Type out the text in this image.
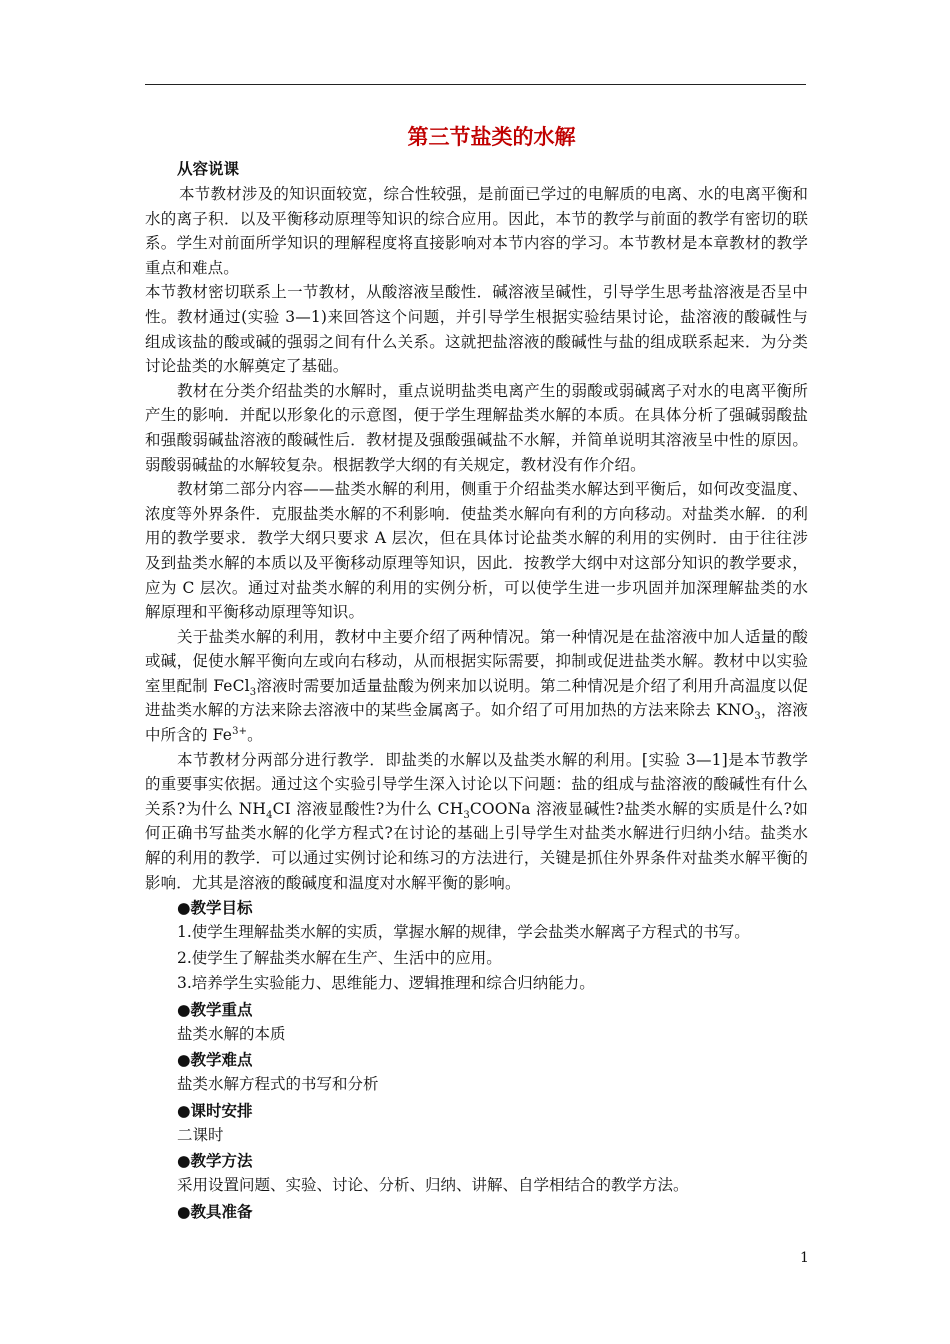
第三节盐类的水解
从容说课

本节教材涉及的知识面较宽，综合性较强，是前面已学过的电解质的电离、水的电离平衡和水的离子积．以及平衡移动原理等知识的综合应用。因此，本节的教学与前面的教学有密切的联系。学生对前面所学知识的理解程度将直接影响对本节内容的学习。本节教材是本章教材的教学重点和难点。

本节教材密切联系上一节教材，从酸溶液呈酸性．碱溶液呈碱性，引导学生思考盐溶液是否呈中性。教材通过(实验 3—1)来回答这个问题，并引导学生根据实验结果讨论，盐溶液的酸碱性与组成该盐的酸或碱的强弱之间有什么关系。这就把盐溶液的酸碱性与盐的组成联系起来．为分类讨论盐类的水解奠定了基础。

教材在分类介绍盐类的水解时，重点说明盐类电离产生的弱酸或弱碱离子对水的电离平衡所产生的影响．并配以形象化的示意图，便于学生理解盐类水解的本质。在具体分析了强碱弱酸盐和强酸弱碱盐溶液的酸碱性后．教材提及强酸强碱盐不水解，并简单说明其溶液呈中性的原因。弱酸弱碱盐的水解较复杂。根据教学大纲的有关规定，教材没有作介绍。

教材第二部分内容——盐类水解的利用，侧重于介绍盐类水解达到平衡后，如何改变温度、浓度等外界条件．克服盐类水解的不利影响．使盐类水解向有利的方向移动。对盐类水解．的利用的教学要求．教学大纲只要求 A 层次，但在具体讨论盐类水解的利用的实例时．由于往往涉及到盐类水解的本质以及平衡移动原理等知识，因此．按教学大纲中对这部分知识的教学要求，应为 C 层次。通过对盐类水解的利用的实例分析，可以使学生进一步巩固并加深理解盐类的水解原理和平衡移动原理等知识。

关于盐类水解的利用，教材中主要介绍了两种情况。第一种情况是在盐溶液中加人适量的酸或碱，促使水解平衡向左或向右移动，从而根据实际需要，抑制或促进盐类水解。教材中以实验室里配制 FeCl$_3$溶液时需要加适量盐酸为例来加以说明。第二种情况是介绍了利用升高温度以促进盐类水解的方法来除去溶液中的某些金属离子。如介绍了可用加热的方法来除去 $KNO_3$，溶液中所含的 $Fe^{3+}$。

本节教材分两部分进行教学．即盐类的水解以及盐类水解的利用。[实验 3—1]是本节教学的重要事实依据。通过这个实验引导学生深入讨论以下问题：盐的组成与盐溶液的酸碱性有什么关系?为什么 $NH_4CI$ 溶液显酸性?为什么 $CH_3COONa$ 溶液显碱性?盐类水解的实质是什么?如何正确书写盐类水解的化学方程式?在讨论的基础上引导学生对盐类水解进行归纳小结。盐类水解的利用的教学．可以通过实例讨论和练习的方法进行，关键是抓住外界条件对盐类水解平衡的影响．尤其是溶液的酸碱度和温度对水解平衡的影响。

●教学目标
1.使学生理解盐类水解的实质，掌握水解的规律，学会盐类水解离子方程式的书写。
2.使学生了解盐类水解在生产、生活中的应用。
3.培养学生实验能力、思维能力、逻辑推理和综合归纳能力。
●教学重点
盐类水解的本质
●教学难点
盐类水解方程式的书写和分析
●课时安排
二课时
●教学方法
采用设置问题、实验、讨论、分析、归纳、讲解、自学相结合的教学方法。
●教具准备
1
